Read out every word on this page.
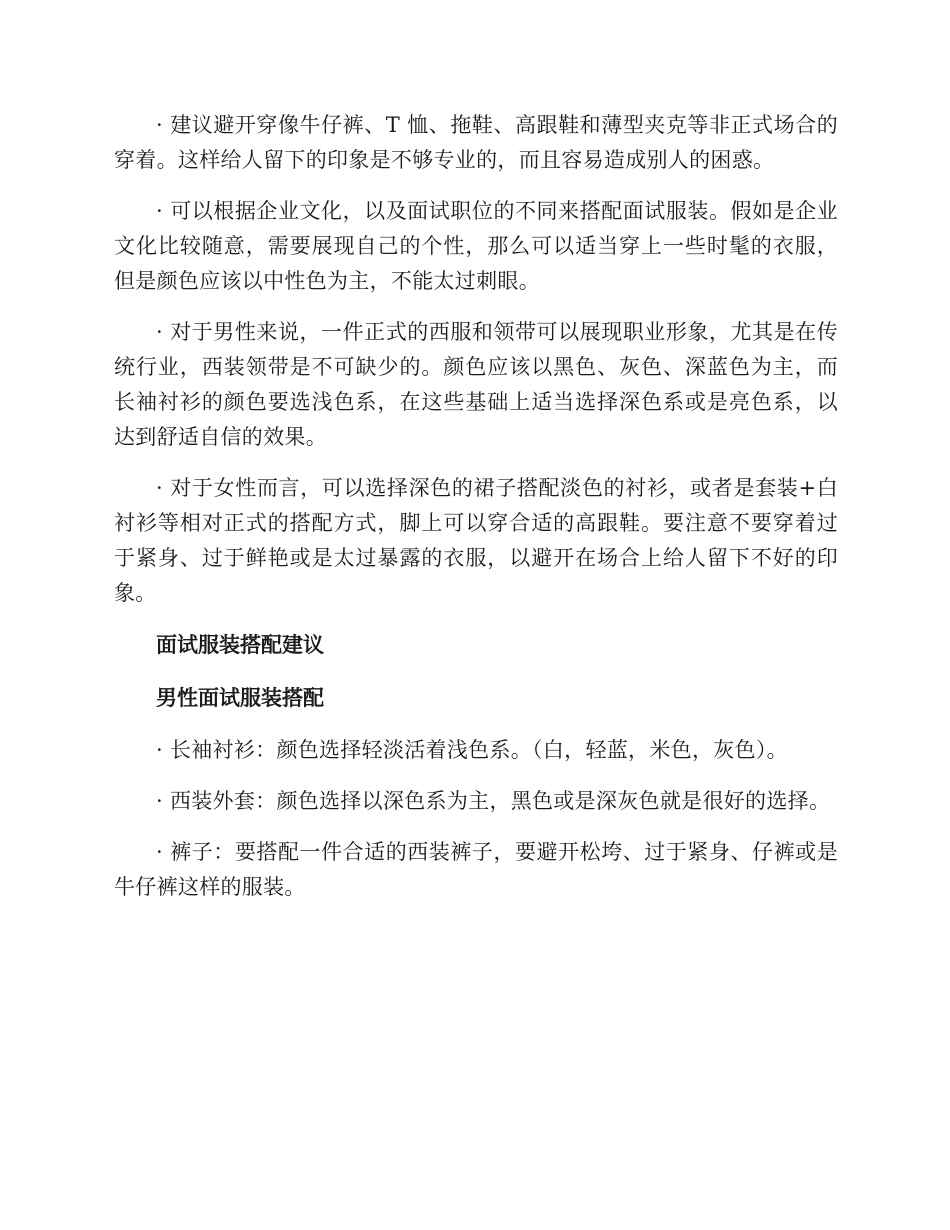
· 建议避开穿像牛仔裤、T 恤、拖鞋、高跟鞋和薄型夹克等非正式场合的穿着。这样给人留下的印象是不够专业的，而且容易造成别人的困惑。

· 可以根据企业文化，以及面试职位的不同来搭配面试服装。假如是企业文化比较随意，需要展现自己的个性，那么可以适当穿上一些时髦的衣服，但是颜色应该以中性色为主，不能太过刺眼。

· 对于男性来说，一件正式的西服和领带可以展现职业形象，尤其是在传统行业，西装领带是不可缺少的。颜色应该以黑色、灰色、深蓝色为主，而长袖衬衫的颜色要选浅色系，在这些基础上适当选择深色系或是亮色系，以达到舒适自信的效果。

· 对于女性而言，可以选择深色的裙子搭配淡色的衬衫，或者是套装+白衬衫等相对正式的搭配方式，脚上可以穿合适的高跟鞋。要注意不要穿着过于紧身、过于鲜艳或是太过暴露的衣服，以避开在场合上给人留下不好的印象。

面试服装搭配建议

男性面试服装搭配

· 长袖衬衫：颜色选择轻淡活着浅色系。（白，轻蓝，米色，灰色）。

· 西装外套：颜色选择以深色系为主，黑色或是深灰色就是很好的选择。

· 裤子：要搭配一件合适的西装裤子，要避开松垮、过于紧身、仔裤或是牛仔裤这样的服装。
